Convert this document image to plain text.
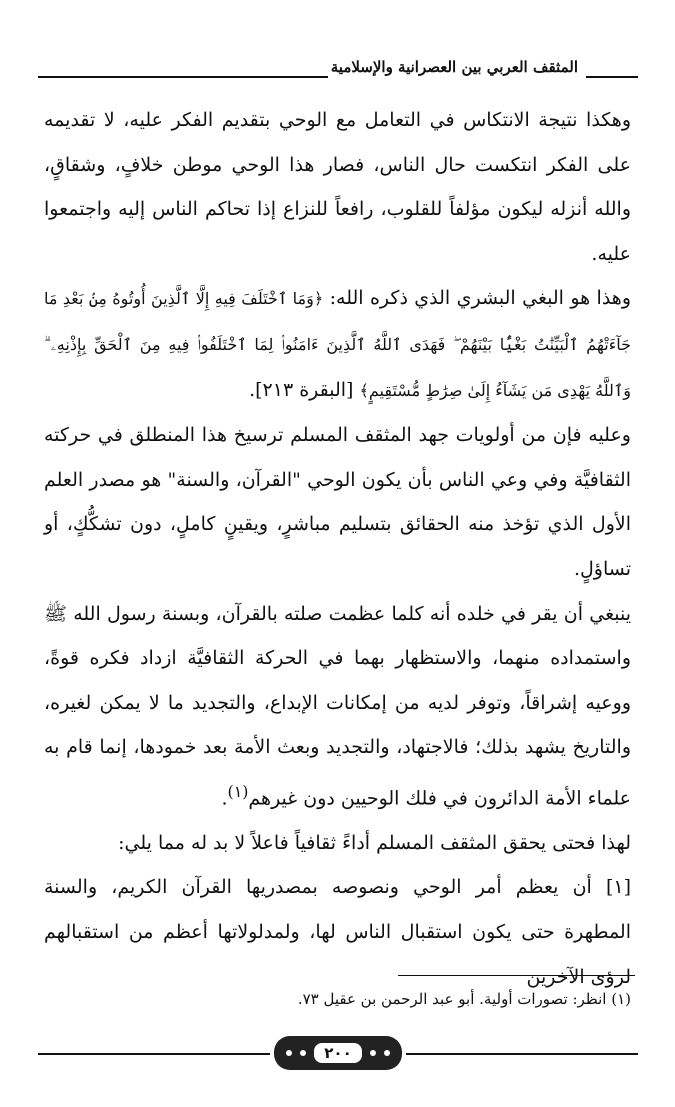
المثقف العربي بين العصرانية والإسلامية

وهكذا نتيجة الانتكاس في التعامل مع الوحي بتقديم الفكر عليه، لا تقديمه على الفكر انتكست حال الناس، فصار هذا الوحي موطن خلافٍ، وشقاقٍ، والله أنزله ليكون مؤلفاً للقلوب، رافعاً للنزاع إذا تحاكم الناس إليه واجتمعوا عليه.

وهذا هو البغي البشري الذي ذكره الله: ﴿وَمَا ٱخْتَلَفَ فِيهِ إِلَّا ٱلَّذِينَ أُوتُوهُ مِنۢ بَعْدِ مَا جَآءَتْهُمُ ٱلْبَيِّنَٰتُ بَغْيًۢا بَيْنَهُمْ ۖ فَهَدَى ٱللَّهُ ٱلَّذِينَ ءَامَنُوا۟ لِمَا ٱخْتَلَفُوا۟ فِيهِ مِنَ ٱلْحَقِّ بِإِذْنِهِۦ ۗ وَٱللَّهُ يَهْدِى مَن يَشَآءُ إِلَىٰ صِرَٰطٍ مُّسْتَقِيمٍ﴾ [البقرة ٢١٣].

وعليه فإن من أولويات جهد المثقف المسلم ترسيخ هذا المنطلق في حركته الثقافيَّة وفي وعي الناس بأن يكون الوحي "القرآن، والسنة" هو مصدر العلم الأول الذي تؤخذ منه الحقائق بتسليم مباشرٍ، ويقينٍ كاملٍ، دون تشكُّكٍ، أو تساؤلٍ.

ينبغي أن يقر في خلده أنه كلما عظمت صلته بالقرآن، وبسنة رسول الله ﷺ واستمداده منهما، والاستظهار بهما في الحركة الثقافيَّة ازداد فكره قوةً، ووعيه إشراقاً، وتوفر لديه من إمكانات الإبداع، والتجديد ما لا يمكن لغيره، والتاريخ يشهد بذلك؛ فالاجتهاد، والتجديد وبعث الأمة بعد خمودها، إنما قام به علماء الأمة الدائرون في فلك الوحيين دون غيرهم$^{(١)}$.

لهذا فحتى يحقق المثقف المسلم أداءً ثقافياً فاعلاً لا بد له مما يلي:

[١] أن يعظم أمر الوحي ونصوصه بمصدريها القرآن الكريم، والسنة المطهرة حتى يكون استقبال الناس لها، ولمدلولاتها أعظم من استقبالهم لرؤى الآخرين

(١) انظر: تصورات أولية. أبو عبد الرحمن بن عقيل ٧٣.
٢٠٠
